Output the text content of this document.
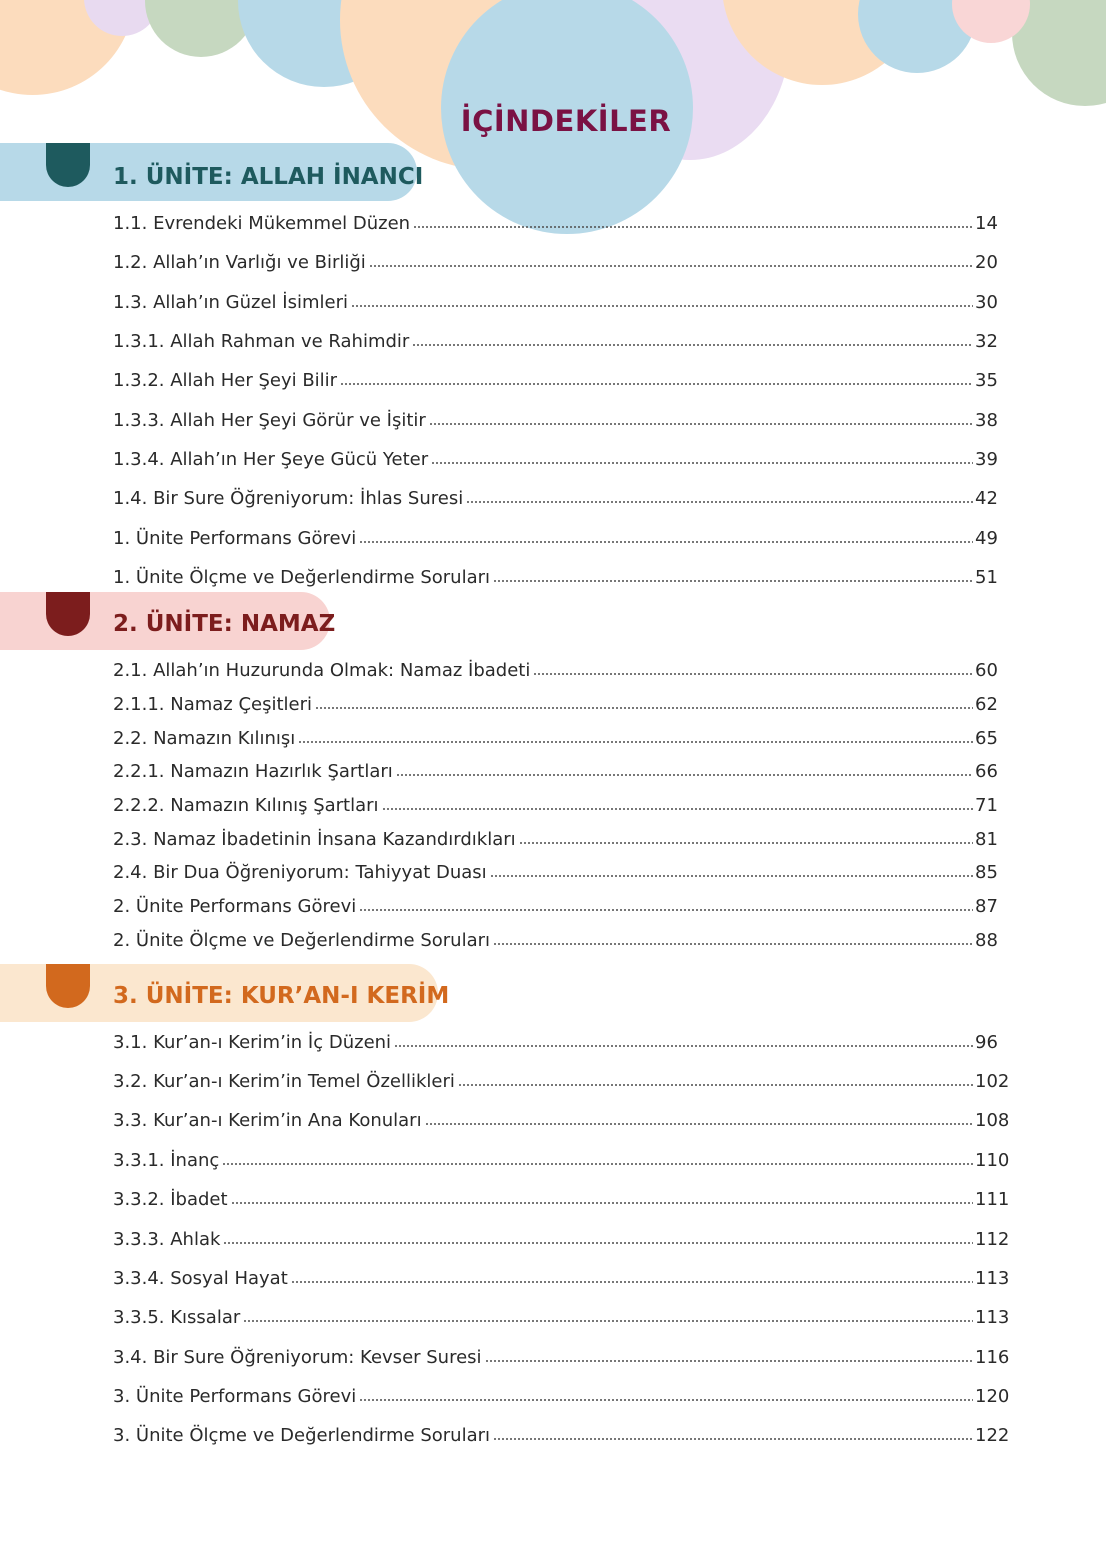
İÇİNDEKİLER
1. ÜNİTE: ALLAH İNANCI
2. ÜNİTE: NAMAZ
3. ÜNİTE: KUR’AN-I KERİM
1.1. Evrendeki Mükemmel Düzen	14
1.2. Allah’ın Varlığı ve Birliği	20
1.3. Allah’ın Güzel İsimleri	30
1.3.1. Allah Rahman ve Rahimdir	32
1.3.2. Allah Her Şeyi Bilir	35
1.3.3. Allah Her Şeyi Görür ve İşitir	38
1.3.4. Allah’ın Her Şeye Gücü Yeter	39
1.4. Bir Sure Öğreniyorum: İhlas Suresi	42
1. Ünite Performans Görevi	49
1. Ünite Ölçme ve Değerlendirme Soruları	51
2.1. Allah’ın Huzurunda Olmak: Namaz İbadeti	60
2.1.1. Namaz Çeşitleri	62
2.2. Namazın Kılınışı	65
2.2.1. Namazın Hazırlık Şartları	66
2.2.2. Namazın Kılınış Şartları	71
2.3. Namaz İbadetinin İnsana Kazandırdıkları	81
2.4. Bir Dua Öğreniyorum: Tahiyyat Duası	85
2. Ünite Performans Görevi	87
2. Ünite Ölçme ve Değerlendirme Soruları	88
3.1. Kur’an-ı Kerim’in İç Düzeni	96
3.2. Kur’an-ı Kerim’in Temel Özellikleri	102
3.3. Kur’an-ı Kerim’in Ana Konuları	108
3.3.1. İnanç	110
3.3.2. İbadet	111
3.3.3. Ahlak	112
3.3.4. Sosyal Hayat	113
3.3.5. Kıssalar	113
3.4. Bir Sure Öğreniyorum: Kevser Suresi	116
3. Ünite Performans Görevi	120
3. Ünite Ölçme ve Değerlendirme Soruları	122
